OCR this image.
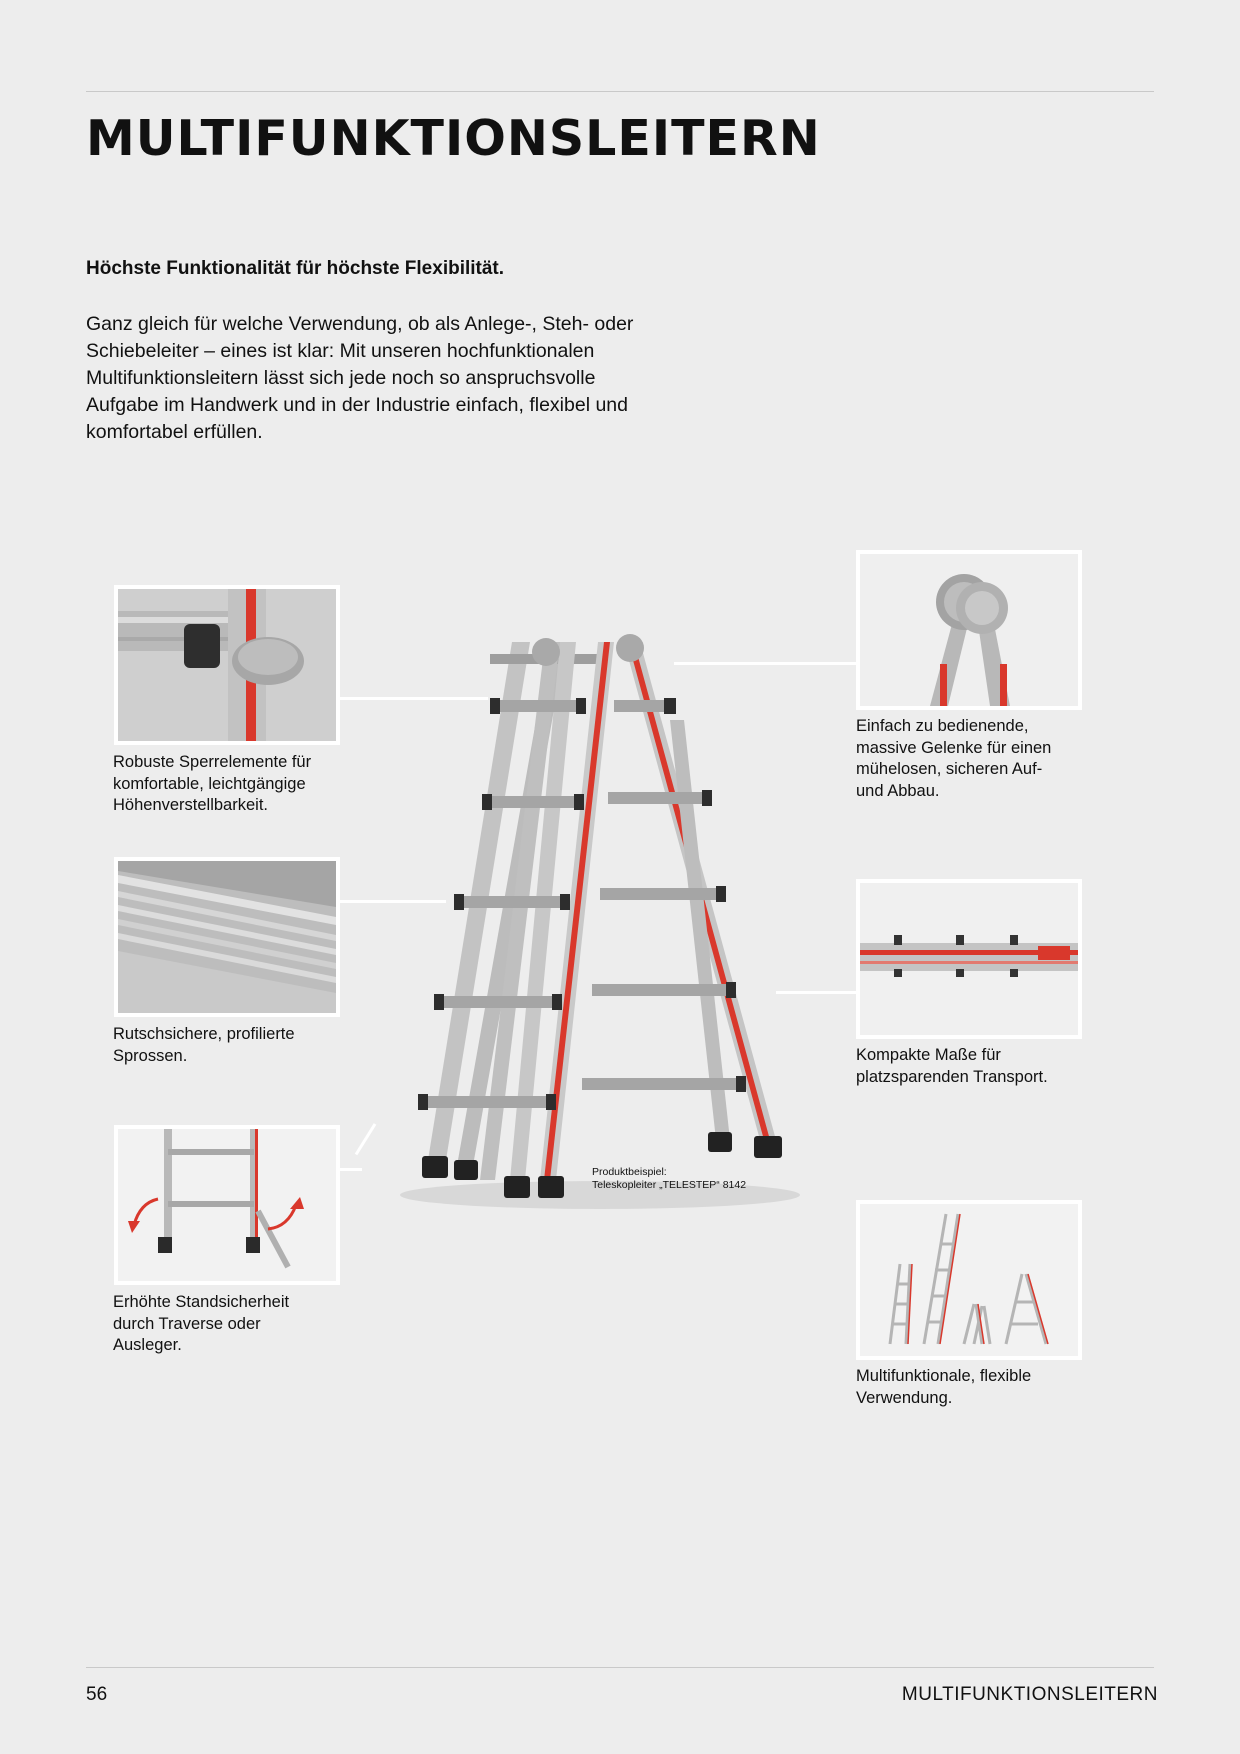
MULTIFUNKTIONSLEITERN
Höchste Funktionalität für höchste Flexibilität.
Ganz gleich für welche Verwendung, ob als Anlege-, Steh- oder
Schiebeleiter – eines ist klar: Mit unseren hochfunktionalen
Multifunktionsleitern lässt sich jede noch so anspruchsvolle
Aufgabe im Handwerk und in der Industrie einfach, flexibel und
komfortabel erfüllen.
Robuste Sperrelemente für
komfortable, leichtgängige
Höhenverstellbarkeit.
Rutschsichere, profilierte
Sprossen.
Erhöhte Standsicherheit
durch Traverse oder
Ausleger.
Einfach zu bedienende,
massive Gelenke für einen
mühelosen, sicheren Auf-
und Abbau.
Kompakte Maße für
platzsparenden Transport.
Multifunktionale, flexible
Verwendung.
Produktbeispiel:
Teleskopleiter „TELESTEP“ 8142
56	MULTIFUNKTIONSLEITERN
